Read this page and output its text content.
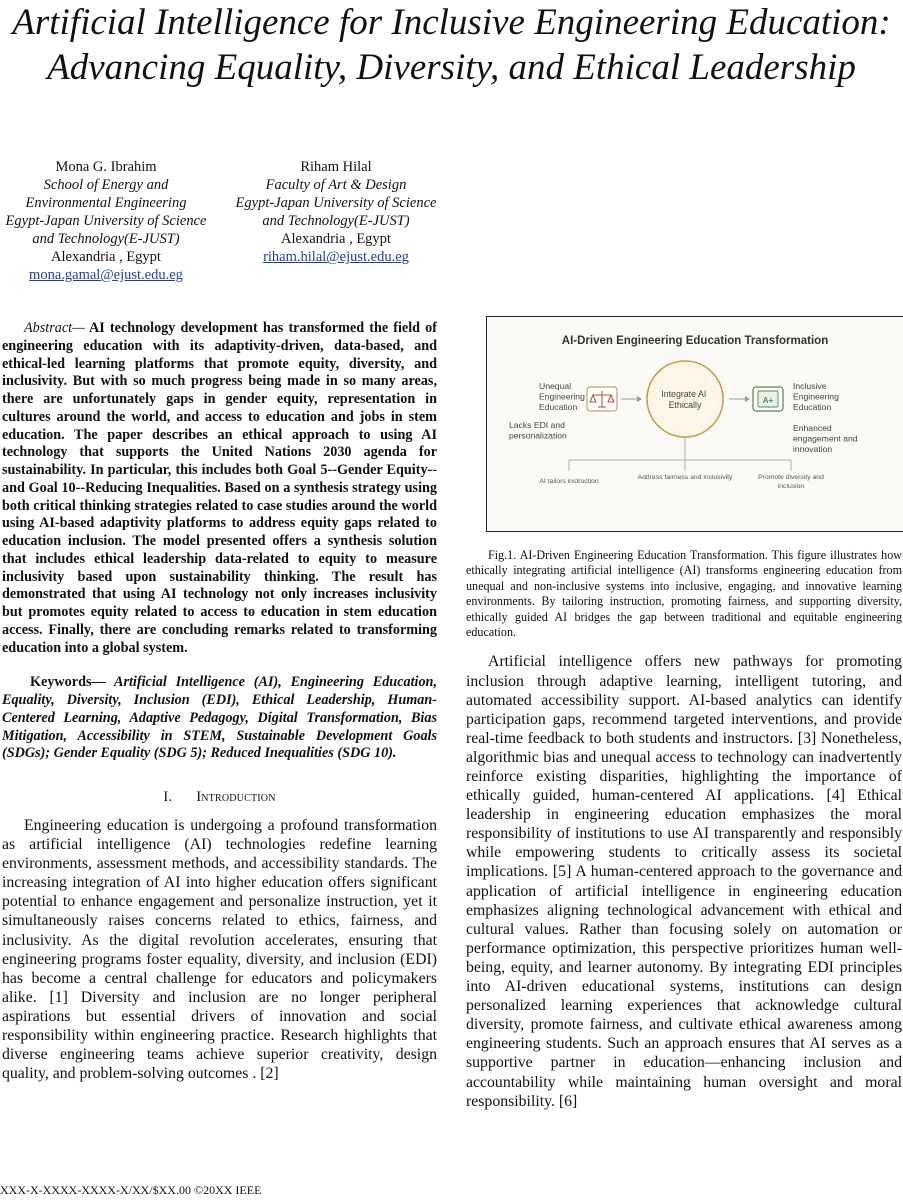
Artificial Intelligence for Inclusive Engineering Education: Advancing Equality, Diversity, and Ethical Leadership
Mona G. Ibrahim
School of Energy and Environmental Engineering
Egypt-Japan University of Science and Technology(E-JUST)
Alexandria , Egypt
mona.gamal@ejust.edu.eg
Riham Hilal
Faculty of Art & Design
Egypt-Japan University of Science and Technology(E-JUST)
Alexandria , Egypt
riham.hilal@ejust.edu.eg

Abstract— AI technology development has transformed the field of engineering education with its adaptivity-driven, data-based, and ethical-led learning platforms that promote equity, diversity, and inclusivity. But with so much progress being made in so many areas, there are unfortunately gaps in gender equity, representation in cultures around the world, and access to education and jobs in stem education. The paper describes an ethical approach to using AI technology that supports the United Nations 2030 agenda for sustainability. In particular, this includes both Goal 5--Gender Equity--and Goal 10--Reducing Inequalities. Based on a synthesis strategy using both critical thinking strategies related to case studies around the world using AI-based adaptivity platforms to address equity gaps related to education inclusion. The model presented offers a synthesis solution that includes ethical leadership data-related to equity to measure inclusivity based upon sustainability thinking. The result has demonstrated that using AI technology not only increases inclusivity but promotes equity related to access to education in stem education access. Finally, there are concluding remarks related to transforming education into a global system.

Keywords— Artificial Intelligence (AI), Engineering Education, Equality, Diversity, Inclusion (EDI), Ethical Leadership, Human-Centered Learning, Adaptive Pedagogy, Digital Transformation, Bias Mitigation, Accessibility in STEM, Sustainable Development Goals (SDGs); Gender Equality (SDG 5); Reduced Inequalities (SDG 10).

I. Introduction

Engineering education is undergoing a profound transformation as artificial intelligence (AI) technologies redefine learning environments, assessment methods, and accessibility standards. The increasing integration of AI into higher education offers significant potential to enhance engagement and personalize instruction, yet it simultaneously raises concerns related to ethics, fairness, and inclusivity. As the digital revolution accelerates, ensuring that engineering programs foster equality, diversity, and inclusion (EDI) has become a central challenge for educators and policymakers alike. [1] Diversity and inclusion are no longer peripheral aspirations but essential drivers of innovation and social responsibility within engineering practice. Research highlights that diverse engineering teams achieve superior creativity, design quality, and problem-solving outcomes . [2]

AI-Driven Engineering Education Transformation
Unequal Engineering Education
Lacks EDI and personalization
Integrate AI Ethically	A+
Inclusive Engineering Education
Enhanced engagement and innovation
AI tailors instruction
Address fairness and inclusivity	Promote diversity and inclusion

Fig.1. AI-Driven Engineering Education Transformation. This figure illustrates how ethically integrating artificial intelligence (AI) transforms engineering education from unequal and non-inclusive systems into inclusive, engaging, and innovative learning environments. By tailoring instruction, promoting fairness, and supporting diversity, ethically guided AI bridges the gap between traditional and equitable engineering education.

Artificial intelligence offers new pathways for promoting inclusion through adaptive learning, intelligent tutoring, and automated accessibility support. AI-based analytics can identify participation gaps, recommend targeted interventions, and provide real-time feedback to both students and instructors. [3] Nonetheless, algorithmic bias and unequal access to technology can inadvertently reinforce existing disparities, highlighting the importance of ethically guided, human-centered AI applications. [4] Ethical leadership in engineering education emphasizes the moral responsibility of institutions to use AI transparently and responsibly while empowering students to critically assess its societal implications. [5] A human-centered approach to the governance and application of artificial intelligence in engineering education emphasizes aligning technological advancement with ethical and cultural values. Rather than focusing solely on automation or performance optimization, this perspective prioritizes human well-being, equity, and learner autonomy. By integrating EDI principles into AI-driven educational systems, institutions can design personalized learning experiences that acknowledge cultural diversity, promote fairness, and cultivate ethical awareness among engineering students. Such an approach ensures that AI serves as a supportive partner in education—enhancing inclusion and accountability while maintaining human oversight and moral responsibility. [6]

XXX-X-XXXX-XXXX-X/XX/$XX.00 ©20XX IEEE
